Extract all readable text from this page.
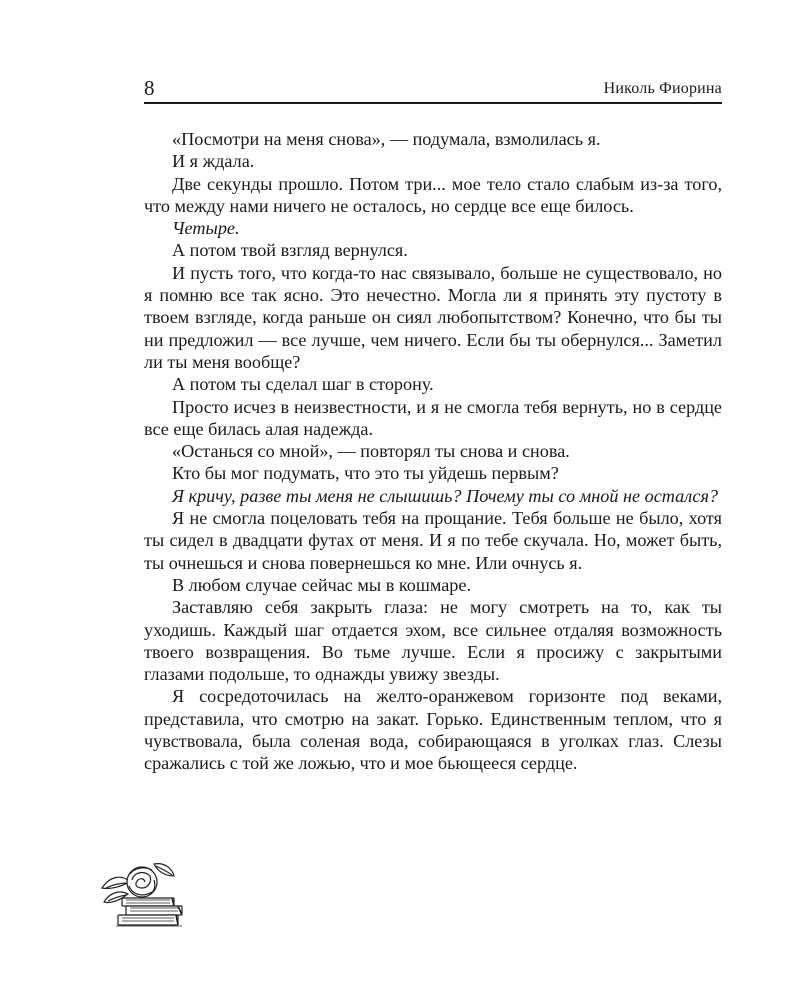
8	Николь Фиорина

«Посмотри на меня снова», — подумала, взмолилась я.

И я ждала.

Две секунды прошло. Потом три... мое тело стало слабым из-за того, что между нами ничего не осталось, но сердце все еще билось.

Четыре.

А потом твой взгляд вернулся.

И пусть того, что когда-то нас связывало, больше не существовало, но я помню все так ясно. Это нечестно. Могла ли я принять эту пустоту в твоем взгляде, когда раньше он сиял любопытством? Конечно, что бы ты ни предложил — все лучше, чем ничего. Если бы ты обернулся... Заметил ли ты меня вообще?

А потом ты сделал шаг в сторону.

Просто исчез в неизвестности, и я не смогла тебя вернуть, но в сердце все еще билась алая надежда.

«Останься со мной», — повторял ты снова и снова.

Кто бы мог подумать, что это ты уйдешь первым?

Я кричу, разве ты меня не слышишь? Почему ты со мной не остался?

Я не смогла поцеловать тебя на прощание. Тебя больше не было, хотя ты сидел в двадцати футах от меня. И я по тебе скучала. Но, может быть, ты очнешься и снова повернешься ко мне. Или очнусь я.

В любом случае сейчас мы в кошмаре.

Заставляю себя закрыть глаза: не могу смотреть на то, как ты уходишь. Каждый шаг отдается эхом, все сильнее отдаляя возможность твоего возвращения. Во тьме лучше. Если я просижу с закрытыми глазами подольше, то однажды увижу звезды.

Я сосредоточилась на желто-оранжевом горизонте под веками, представила, что смотрю на закат. Горько. Единственным теплом, что я чувствовала, была соленая вода, собирающаяся в уголках глаз. Слезы сражались с той же ложью, что и мое бьющееся сердце.
